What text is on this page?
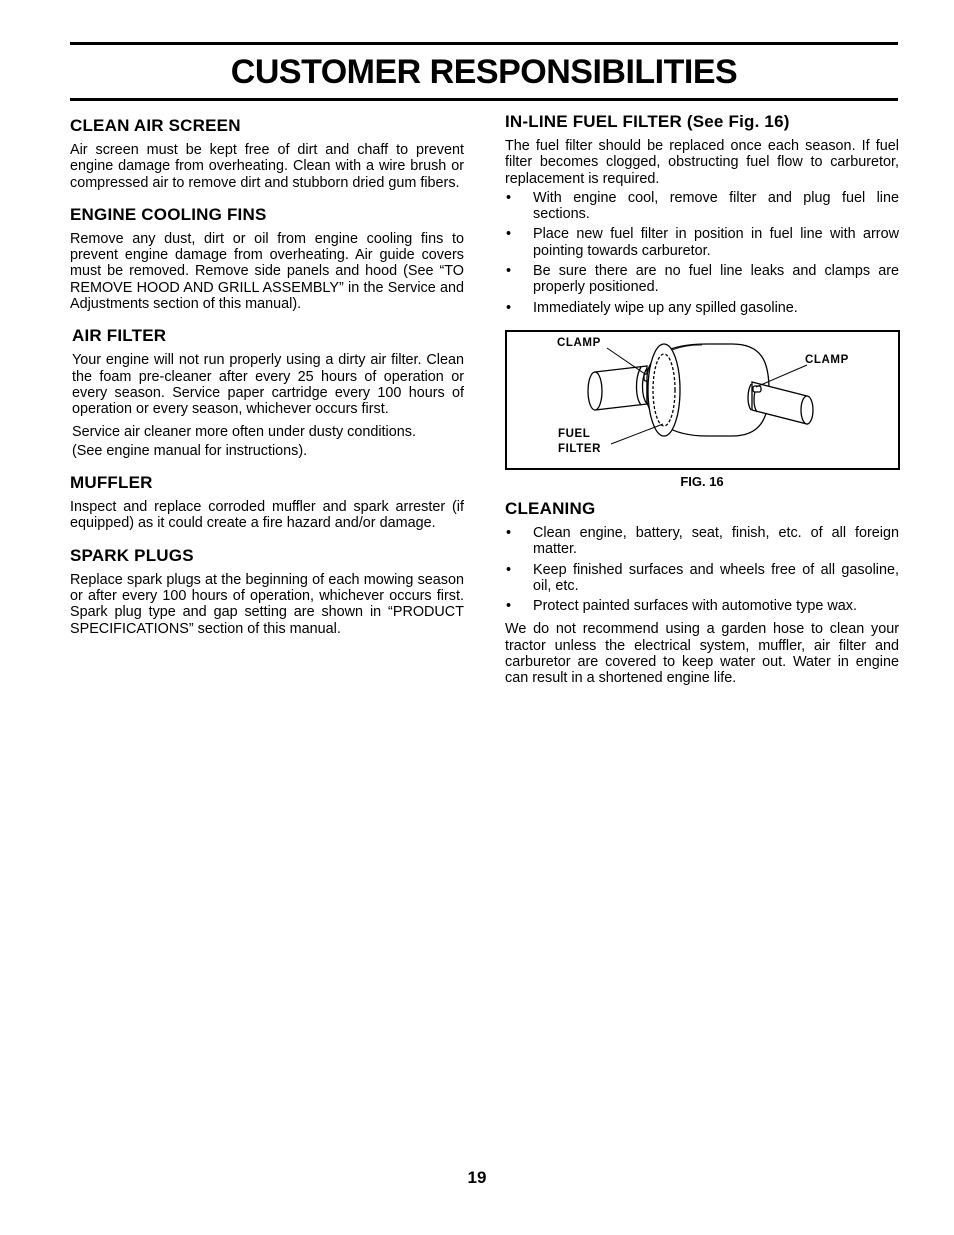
CUSTOMER RESPONSIBILITIES
CLEAN AIR SCREEN

Air screen must be kept free of dirt and chaff to prevent engine damage from overheating. Clean with a wire brush or compressed air to remove dirt and stubborn dried gum fibers.

ENGINE COOLING FINS

Remove any dust, dirt or oil from engine cooling fins to prevent engine damage from overheating. Air guide covers must be removed. Remove side panels and hood (See “TO REMOVE HOOD AND GRILL ASSEMBLY” in the Service and Adjustments section of this manual).

AIR FILTER

Your engine will not run properly using a dirty air filter. Clean the foam pre-cleaner after every 25 hours of operation or every season. Service paper cartridge every 100 hours of operation or every season, whichever occurs first.

Service air cleaner more often under dusty conditions.

(See engine manual for instructions).

MUFFLER

Inspect and replace corroded muffler and spark arrester (if equipped) as it could create a fire hazard and/or damage.

SPARK PLUGS

Replace spark plugs at the beginning of each mowing season or after every 100 hours of operation, whichever occurs first. Spark plug type and gap setting are shown in “PRODUCT SPECIFICATIONS” section of this manual.

IN-LINE FUEL FILTER (See Fig. 16)

The fuel filter should be replaced once each season. If fuel filter becomes clogged, obstructing fuel flow to carburetor, replacement is required.

• With engine cool, remove filter and plug fuel line sections.
• Place new fuel filter in position in fuel line with arrow pointing towards carburetor.
• Be sure there are no fuel line leaks and clamps are properly positioned.
• Immediately wipe up any spilled gasoline.
CLAMP
CLAMP
FUEL
FILTER
FIG. 16
CLEANING
• Clean engine, battery, seat, finish, etc. of all foreign matter.
• Keep finished surfaces and wheels free of all gasoline, oil, etc.
• Protect painted surfaces with automotive type wax.

We do not recommend using a garden hose to clean your tractor unless the electrical system, muffler, air filter and carburetor are covered to keep water out. Water in engine can result in a shortened engine life.

19
